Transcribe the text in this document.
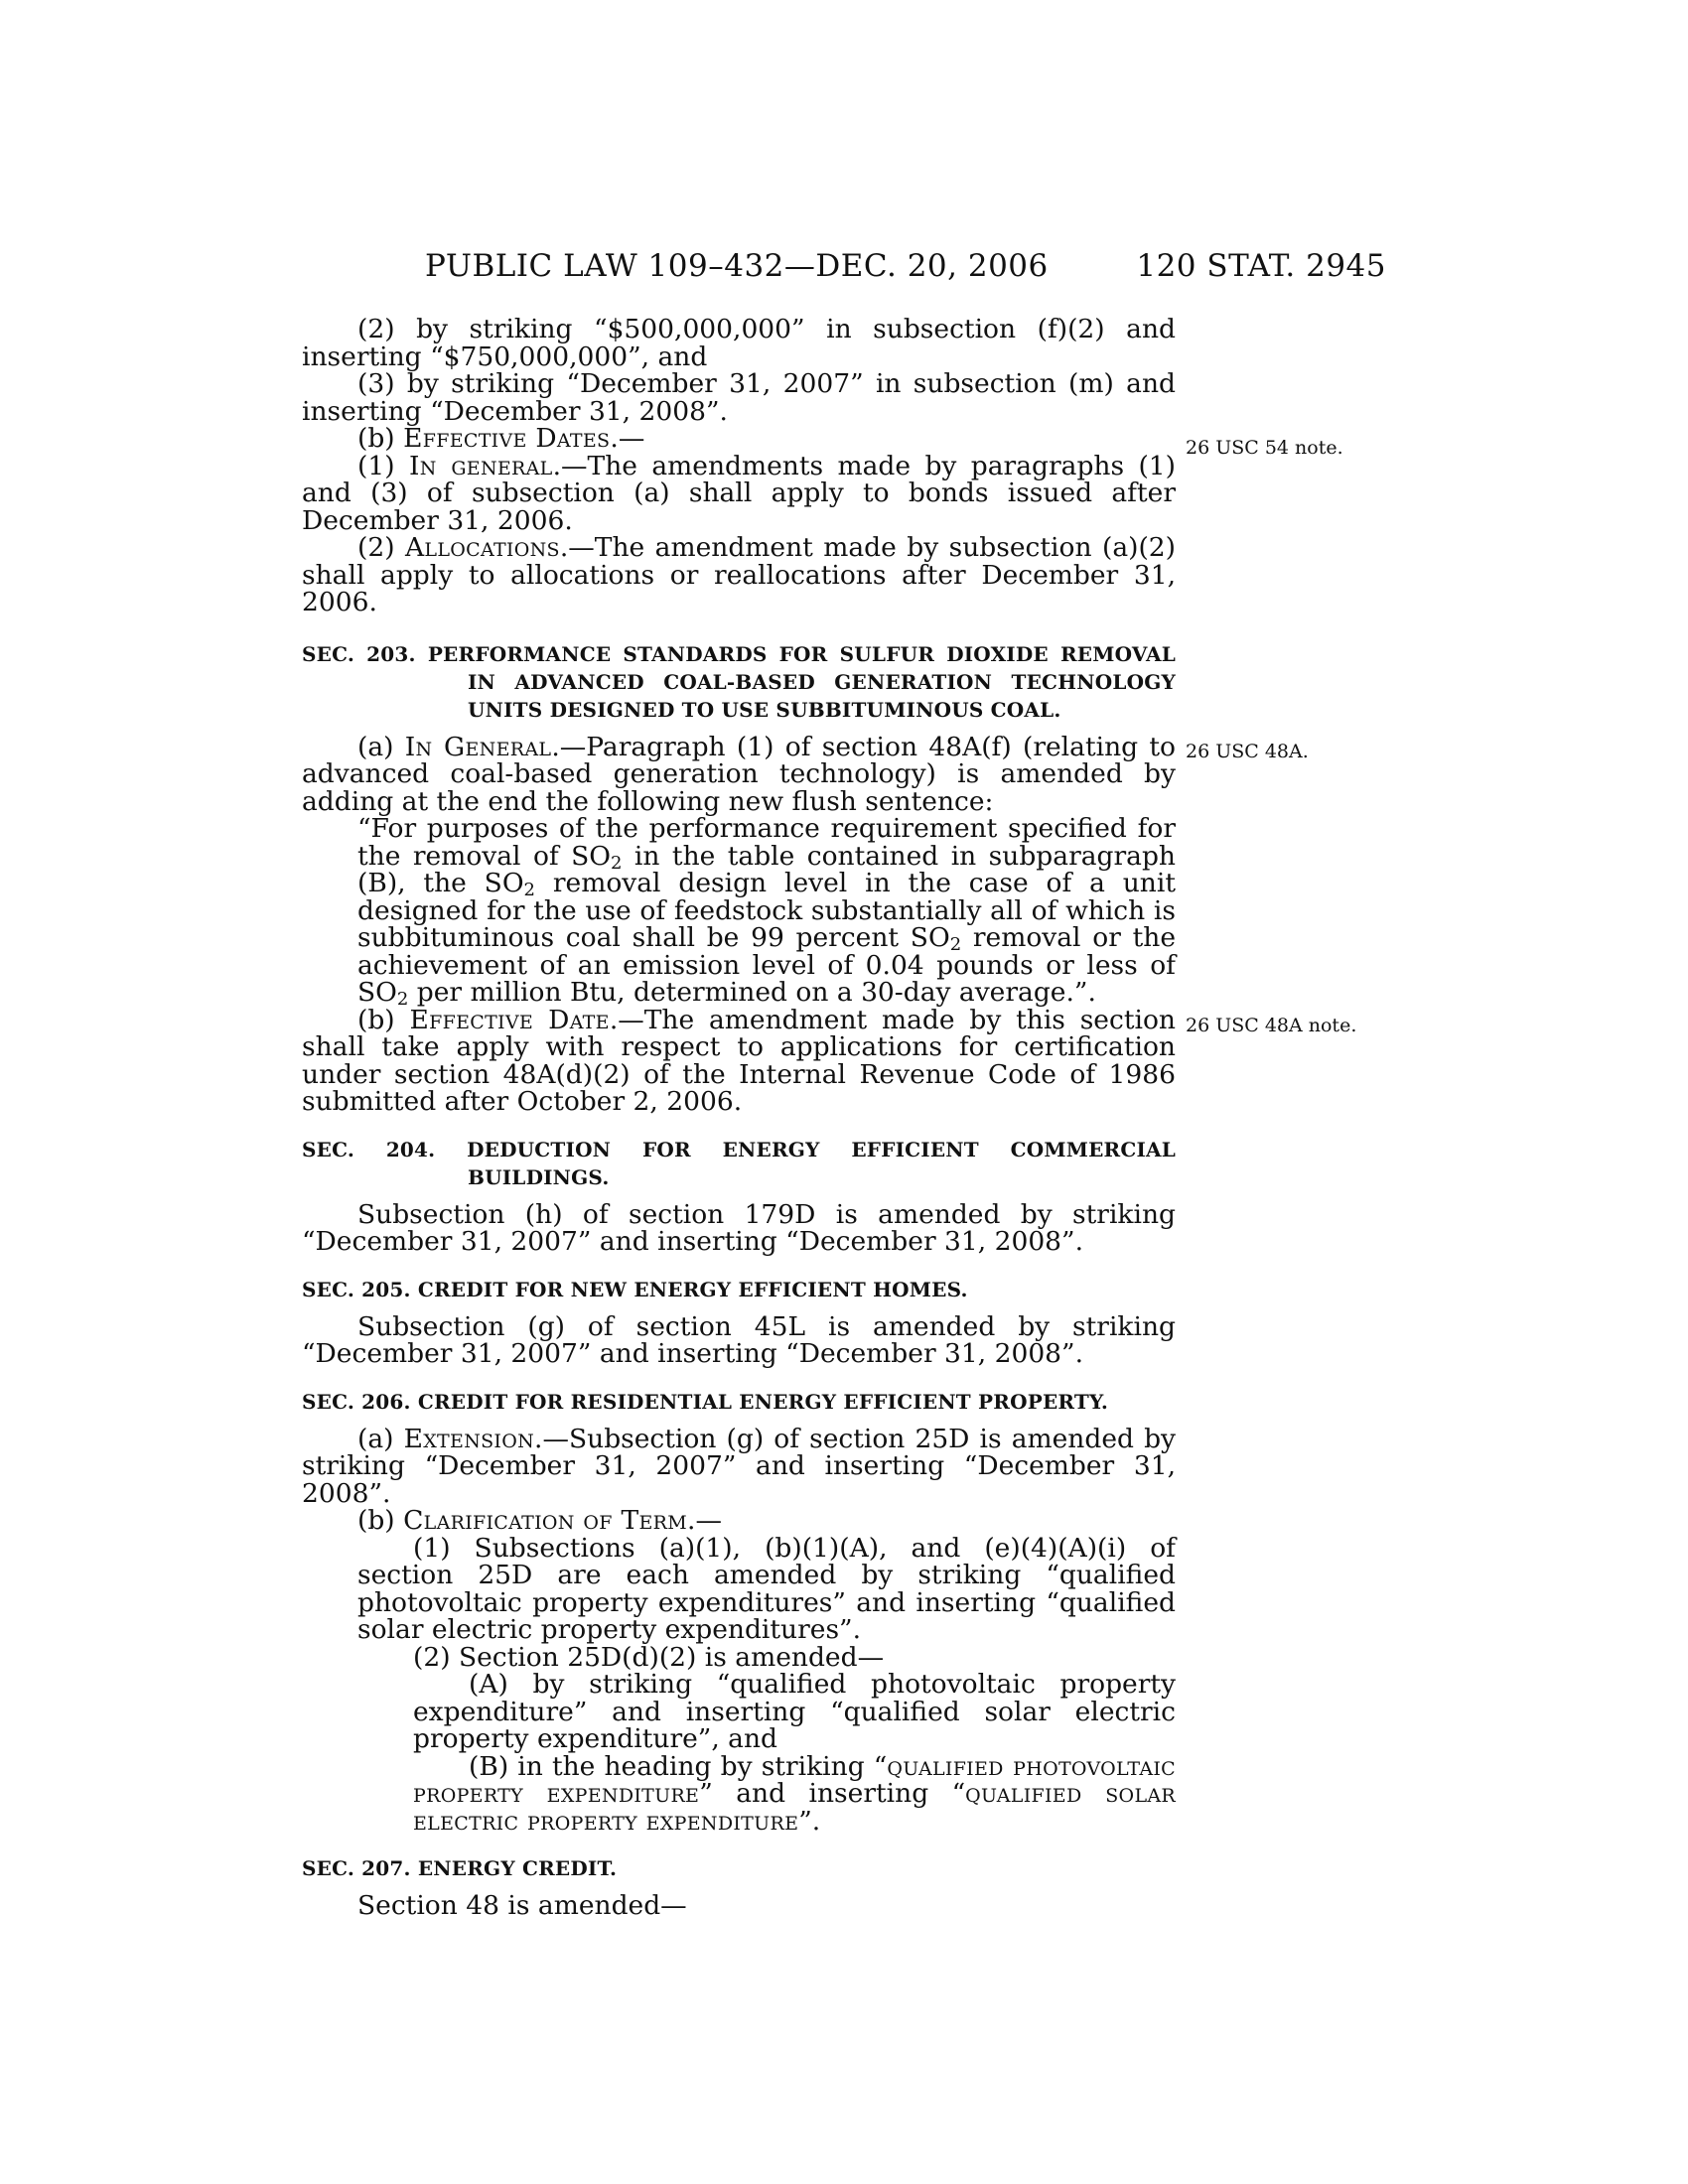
PUBLIC LAW 109–432—DEC. 20, 2006	120 STAT. 2945
26 USC 54 note.
26 USC 48A.
26 USC 48A note.

(2) by striking “$500,000,000” in subsection (f)(2) and inserting “$750,000,000”, and

(3) by striking “December 31, 2007” in subsection (m) and inserting “December 31, 2008”.

(b) Effective Dates.—

(1) In general.—The amendments made by paragraphs (1) and (3) of subsection (a) shall apply to bonds issued after December 31, 2006.

(2) Allocations.—The amendment made by subsection (a)(2) shall apply to allocations or reallocations after December 31, 2006.

SEC. 203. PERFORMANCE STANDARDS FOR SULFUR DIOXIDE REMOVAL IN ADVANCED COAL-BASED GENERATION TECHNOLOGY UNITS DESIGNED TO USE SUBBITUMINOUS COAL.

(a) In General.—Paragraph (1) of section 48A(f) (relating to advanced coal-based generation technology) is amended by adding at the end the following new flush sentence:

“For purposes of the performance requirement specified for the removal of $SO_2$ in the table contained in subparagraph (B), the $SO_2$ removal design level in the case of a unit designed for the use of feedstock substantially all of which is subbituminous coal shall be 99 percent $SO_2$ removal or the achievement of an emission level of 0.04 pounds or less of $SO_2$ per million Btu, determined on a 30-day average.”.

(b) Effective Date.—The amendment made by this section shall take apply with respect to applications for certification under section 48A(d)(2) of the Internal Revenue Code of 1986 submitted after October 2, 2006.

SEC. 204. DEDUCTION FOR ENERGY EFFICIENT COMMERCIAL BUILDINGS.

Subsection (h) of section 179D is amended by striking “December 31, 2007” and inserting “December 31, 2008”.

SEC. 205. CREDIT FOR NEW ENERGY EFFICIENT HOMES.

Subsection (g) of section 45L is amended by striking “December 31, 2007” and inserting “December 31, 2008”.

SEC. 206. CREDIT FOR RESIDENTIAL ENERGY EFFICIENT PROPERTY.

(a) Extension.—Subsection (g) of section 25D is amended by striking “December 31, 2007” and inserting “December 31, 2008”.

(b) Clarification of Term.—

(1) Subsections (a)(1), (b)(1)(A), and (e)(4)(A)(i) of section 25D are each amended by striking “qualified photovoltaic property expenditures” and inserting “qualified solar electric property expenditures”.

(2) Section 25D(d)(2) is amended—

(A) by striking “qualified photovoltaic property expenditure” and inserting “qualified solar electric property expenditure”, and

(B) in the heading by striking “qualified photovoltaic property expenditure” and inserting “qualified solar electric property expenditure”.

SEC. 207. ENERGY CREDIT.

Section 48 is amended—
